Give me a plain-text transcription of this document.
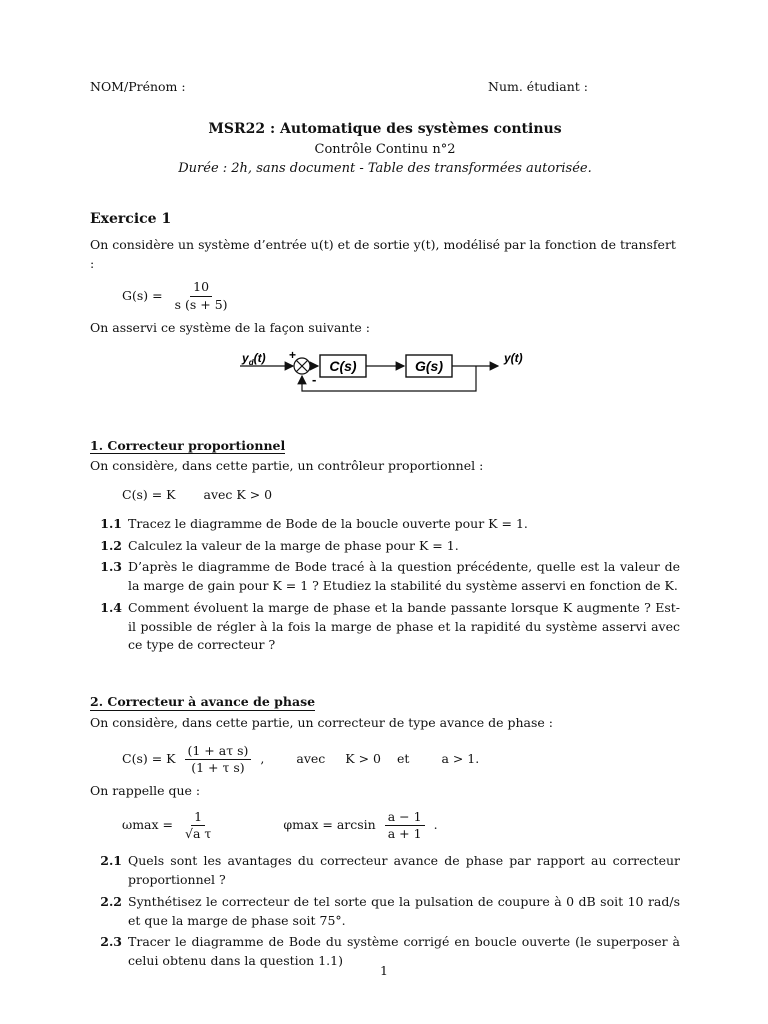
NOM/Prénom :	Num. étudiant :
MSR22 : Automatique des systèmes continus
Contrôle Continu n°2
Durée : 2h, sans document - Table des transformées autorisée.
Exercice 1

On considère un système d’entrée u(t) et de sortie y(t), modélisé par la fonction de transfert :

$G(s) = \frac{10}{s (s + 5)}$

On asservi ce système de la façon suivante :

$y_d(t)$ +
-
C(s)	G(s)	y(t)
1. Correcteur proportionnel

On considère, dans cette partie, un contrôleur proportionnel :

C(s) = K avec K > 0
1.1 Tracez le diagramme de Bode de la boucle ouverte pour K = 1.
1.2 Calculez la valeur de la marge de phase pour K = 1.
1.3 D’après le diagramme de Bode tracé à la question précédente, quelle est la valeur de la marge de gain pour K = 1 ? Etudiez la stabilité du système asservi en fonction de K.
1.4 Comment évoluent la marge de phase et la bande passante lorsque K augmente ? Est-il possible de régler à la fois la marge de phase et la rapidité du système asservi avec ce type de correcteur ?
2. Correcteur à avance de phase

On considère, dans cette partie, un correcteur de type avance de phase :

C(s) = K $\frac{\text{(1 + aτ s)}}{\text{(1 + τ s)}}$ ,	avec K > 0 et	a > 1.

On rappelle que :

$\omega\max = \frac{1}{\text{√a τ}}$	$\varphi\max = \arcsin \frac{a - 1}{a + 1}$ .
2.1 Quels sont les avantages du correcteur avance de phase par rapport au correcteur proportionnel ?
2.2 Synthétisez le correcteur de tel sorte que la pulsation de coupure à 0 dB soit 10 rad/s et que la marge de phase soit 75°.
2.3 Tracer le diagramme de Bode du système corrigé en boucle ouverte (le superposer à celui obtenu dans la question 1.1)
1
